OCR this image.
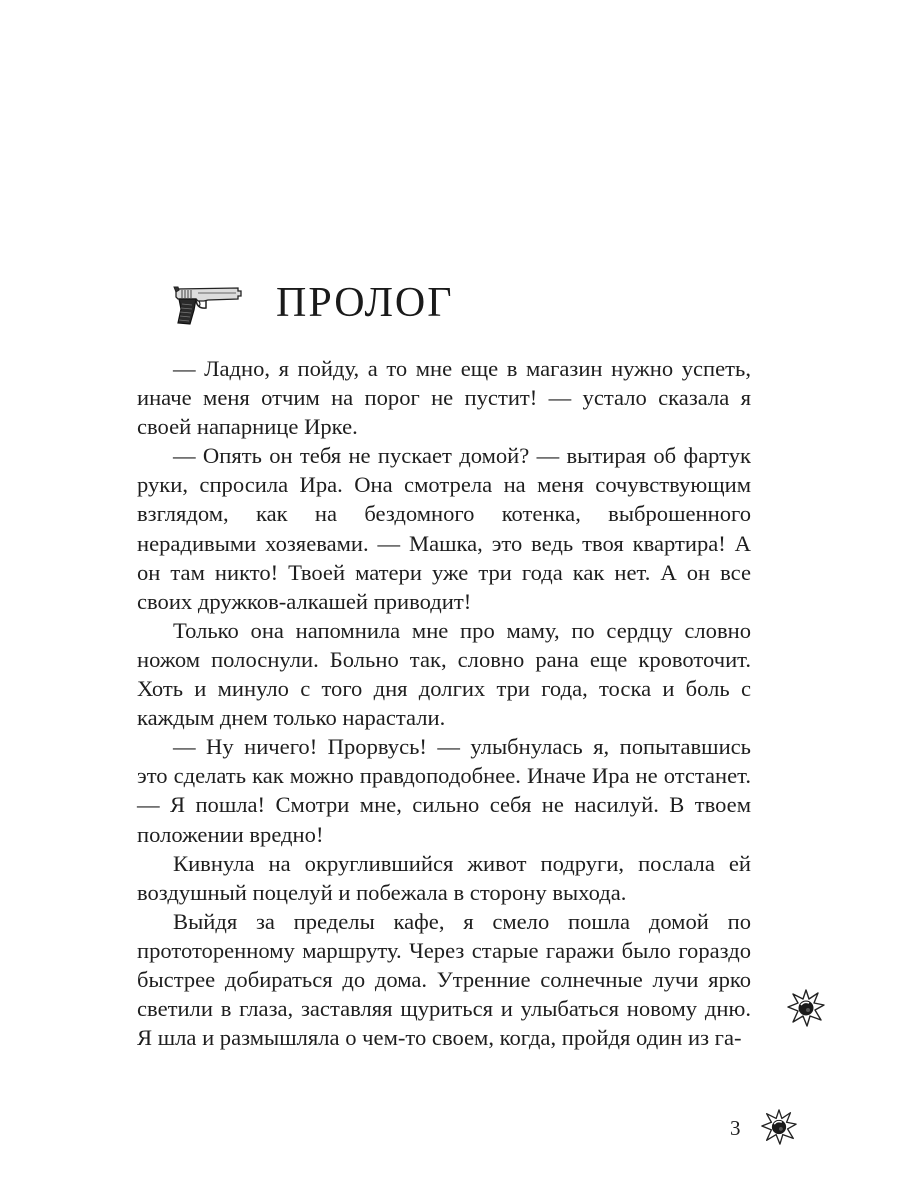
ПРОЛОГ

— Ладно, я пойду, а то мне еще в магазин нужно успеть, иначе меня отчим на порог не пустит! — устало сказала я своей напарнице Ирке.

— Опять он тебя не пускает домой? — вытирая об фартук руки, спросила Ира. Она смотрела на меня сочувствующим взглядом, как на бездомного котенка, выброшенного нерадивыми хозяевами. — Машка, это ведь твоя квартира! А он там никто! Твоей матери уже три года как нет. А он все своих дружков-алкашей приводит!

Только она напомнила мне про маму, по сердцу словно ножом полоснули. Больно так, словно рана еще кровоточит. Хоть и минуло с того дня долгих три года, тоска и боль с каждым днем только нарастали.

— Ну ничего! Прорвусь! — улыбнулась я, попытавшись это сделать как можно правдоподобнее. Иначе Ира не отстанет. — Я пошла! Смотри мне, сильно себя не насилуй. В твоем положении вредно!

Кивнула на округлившийся живот подруги, послала ей воздушный поцелуй и побежала в сторону выхода.

Выйдя за пределы кафе, я смело пошла домой по прототоренному маршруту. Через старые гаражи было гораздо быстрее добираться до дома. Утренние солнечные лучи ярко светили в глаза, заставляя щуриться и улыбаться новому дню. Я шла и размышляла о чем-то своем, когда, пройдя один из га-

3
